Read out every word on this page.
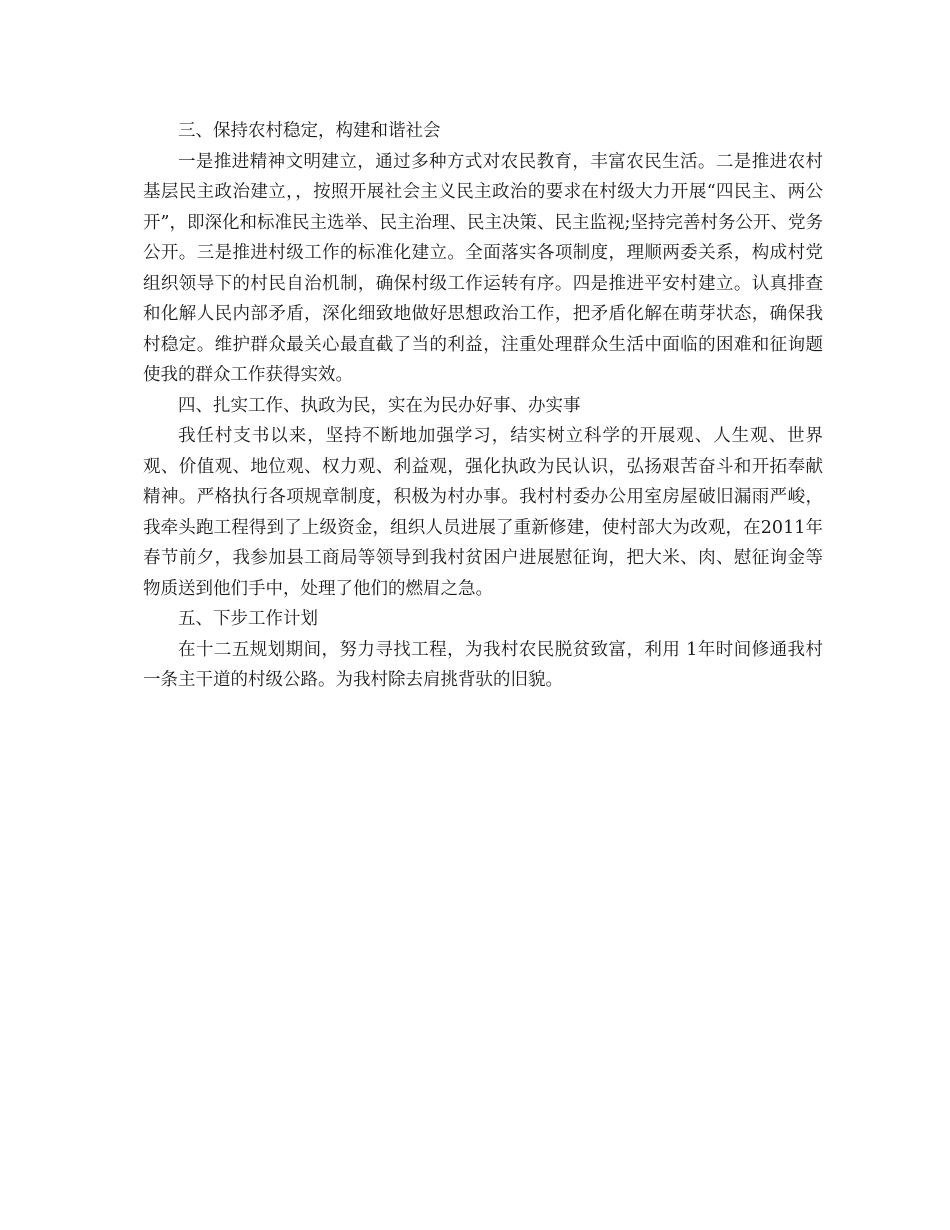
三、保持农村稳定，构建和谐社会

一是推进精神文明建立，通过多种方式对农民教育，丰富农民生活。二是推进农村基层民主政治建立，，按照开展社会主义民主政治的要求在村级大力开展“四民主、两公开”，即深化和标准民主选举、民主治理、民主决策、民主监视;坚持完善村务公开、党务公开。三是推进村级工作的标准化建立。全面落实各项制度，理顺两委关系，构成村党组织领导下的村民自治机制，确保村级工作运转有序。四是推进平安村建立。认真排查和化解人民内部矛盾，深化细致地做好思想政治工作，把矛盾化解在萌芽状态，确保我村稳定。维护群众最关心最直截了当的利益，注重处理群众生活中面临的困难和征询题使我的群众工作获得实效。

四、扎实工作、执政为民，实在为民办好事、办实事

我任村支书以来，坚持不断地加强学习，结实树立科学的开展观、人生观、世界观、价值观、地位观、权力观、利益观，强化执政为民认识，弘扬艰苦奋斗和开拓奉献精神。严格执行各项规章制度，积极为村办事。我村村委办公用室房屋破旧漏雨严峻，我牵头跑工程得到了上级资金，组织人员进展了重新修建，使村部大为改观，在2011年春节前夕，我参加县工商局等领导到我村贫困户进展慰征询，把大米、肉、慰征询金等物质送到他们手中，处理了他们的燃眉之急。

五、下步工作计划

在十二五规划期间，努力寻找工程，为我村农民脱贫致富，利用 1年时间修通我村一条主干道的村级公路。为我村除去肩挑背驮的旧貌。
